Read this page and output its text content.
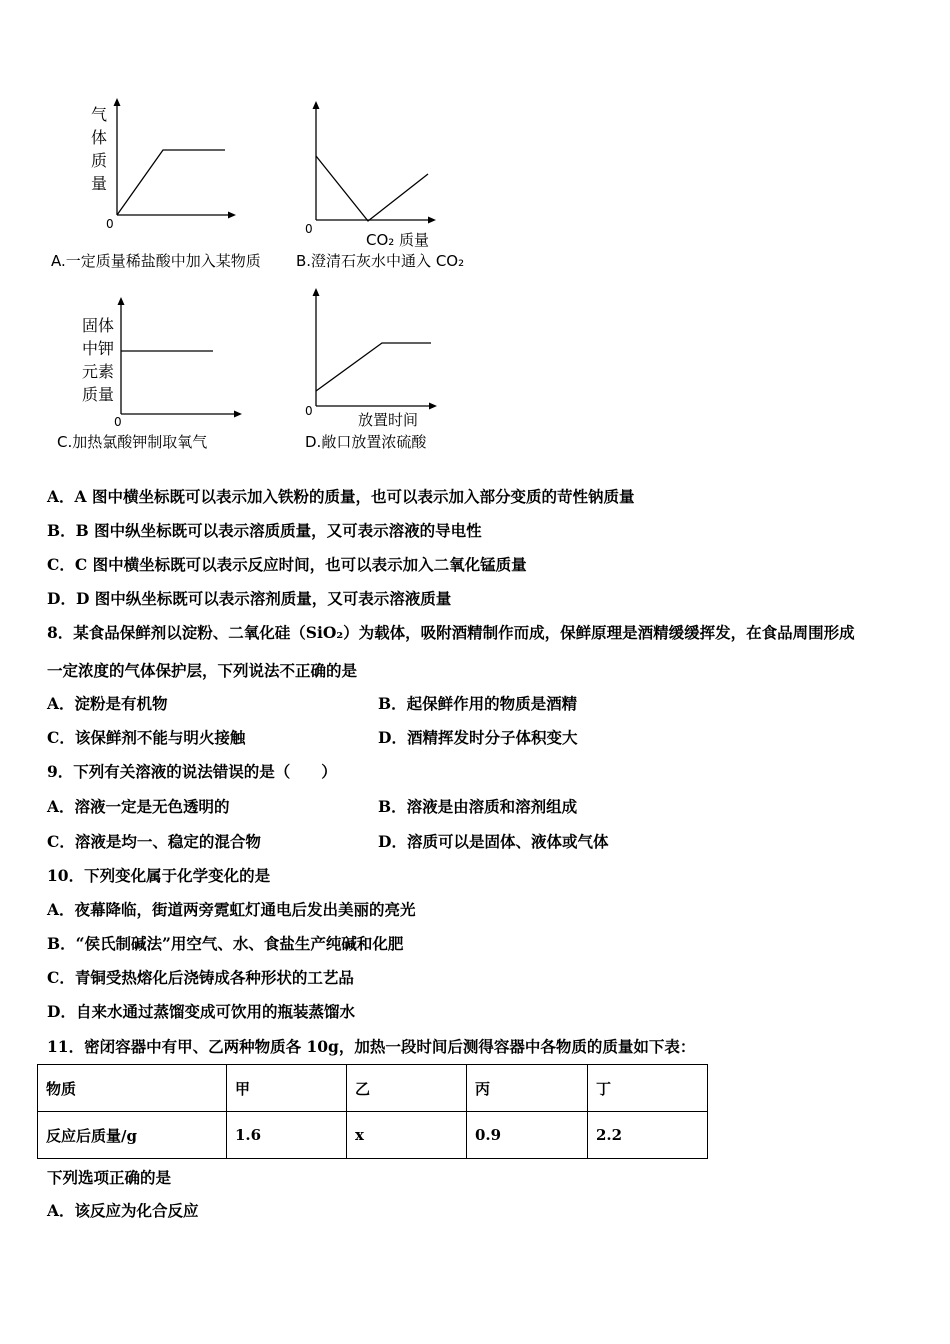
气
体
质
量
0
A.一定质量稀盐酸中加入某物质
0
CO₂ 质量
B.澄清石灰水中通入 CO₂
固体
中钾
元素
质量
0
C.加热氯酸钾制取氧气
0	放置时间
D.敞口放置浓硫酸
A．A 图中横坐标既可以表示加入铁粉的质量，也可以表示加入部分变质的苛性钠质量
B．B 图中纵坐标既可以表示溶质质量，又可表示溶液的导电性
C．C 图中横坐标既可以表示反应时间，也可以表示加入二氧化锰质量
D．D 图中纵坐标既可以表示溶剂质量，又可表示溶液质量
8．某食品保鲜剂以淀粉、二氧化硅（SiO₂）为载体，吸附酒精制作而成，保鲜原理是酒精缓缓挥发，在食品周围形成
一定浓度的气体保护层，下列说法不正确的是
A．淀粉是有机物	B．起保鲜作用的物质是酒精
C．该保鲜剂不能与明火接触	D．酒精挥发时分子体积变大
9．下列有关溶液的说法错误的是（　　）
A．溶液一定是无色透明的	B．溶液是由溶质和溶剂组成
C．溶液是均一、稳定的混合物	D．溶质可以是固体、液体或气体
10．下列变化属于化学变化的是
A．夜幕降临，街道两旁霓虹灯通电后发出美丽的亮光
B．“侯氏制碱法”用空气、水、食盐生产纯碱和化肥
C．青铜受热熔化后浇铸成各种形状的工艺品
D．自来水通过蒸馏变成可饮用的瓶装蒸馏水
11．密闭容器中有甲、乙两种物质各 10g，加热一段时间后测得容器中各物质的质量如下表：
物质	甲	乙	丙	丁
反应后质量/g	1.6	x	0.9	2.2
下列选项正确的是
A．该反应为化合反应
